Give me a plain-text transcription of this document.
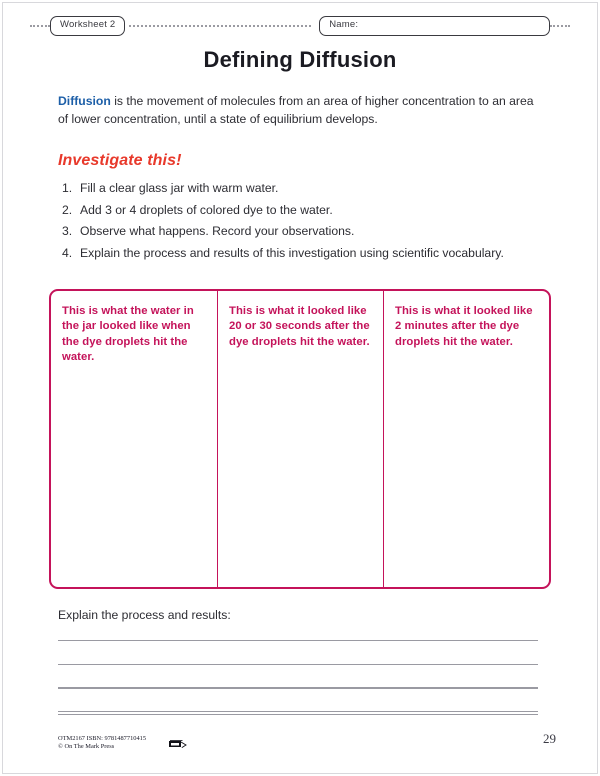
Worksheet 2	Name:
Defining Diffusion
Diffusion is the movement of molecules from an area of higher concentration to an area of lower concentration, until a state of equilibrium develops.
Investigate this!
1. Fill a clear glass jar with warm water.
2. Add 3 or 4 droplets of colored dye to the water.
3. Observe what happens. Record your observations.
4. Explain the process and results of this investigation using scientific vocabulary.
This is what the water in the jar looked like when the dye droplets hit the water.
This is what it looked like 20 or 30 seconds after the dye droplets hit the water.
This is what it looked like 2 minutes after the dye droplets hit the water.
Explain the process and results:
OTM2167 ISBN: 9781487710415
© On The Mark Press
29
